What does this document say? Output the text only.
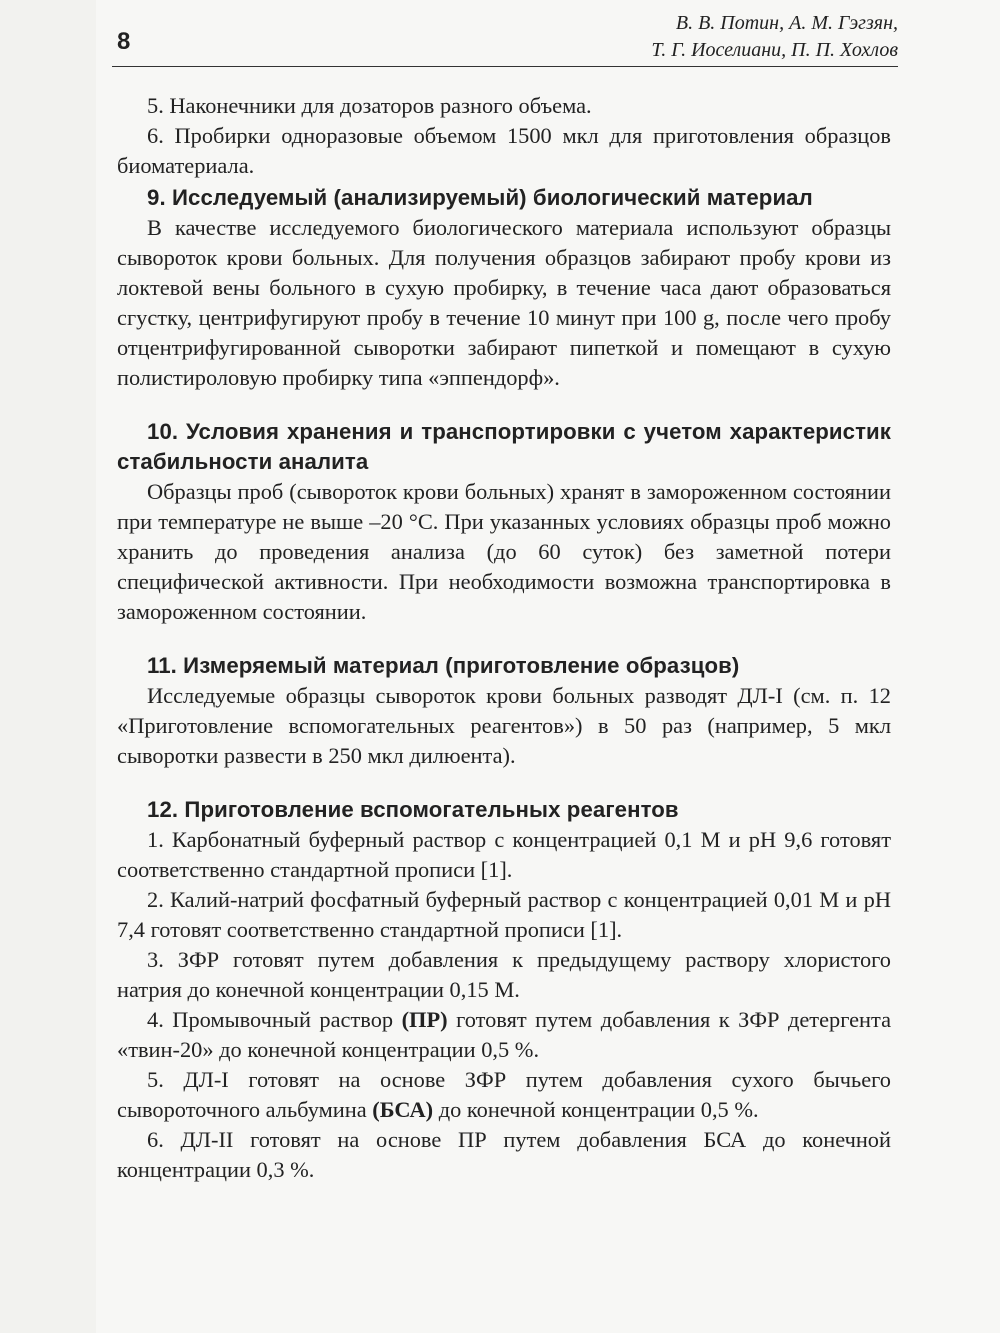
8
В. В. Потин, А. М. Гэгзян,
Т. Г. Иоселиани, П. П. Хохлов

5. Наконечники для дозаторов разного объема.

6. Пробирки одноразовые объемом 1500 мкл для приготовления образцов биоматериала.

9. Исследуемый (анализируемый) биологический материал

В качестве исследуемого биологического материала используют образцы сывороток крови больных. Для получения образцов забирают пробу крови из локтевой вены больного в сухую пробирку, в течение часа дают образоваться сгустку, центрифугируют пробу в течение 10 минут при 100 g, после чего пробу отцентрифугированной сыворотки забирают пипеткой и помещают в сухую полистироловую пробирку типа «эппендорф».

10. Условия хранения и транспортировки с учетом характеристик стабильности аналита

Образцы проб (сывороток крови больных) хранят в замороженном состоянии при температуре не выше –20 °С. При указанных условиях образцы проб можно хранить до проведения анализа (до 60 суток) без заметной потери специфической активности. При необходимости возможна транспортировка в замороженном состоянии.

11. Измеряемый материал (приготовление образцов)

Исследуемые образцы сывороток крови больных разводят ДЛ-I (см. п. 12 «Приготовление вспомогательных реагентов») в 50 раз (например, 5 мкл сыворотки развести в 250 мкл дилюента).

12. Приготовление вспомогательных реагентов

1. Карбонатный буферный раствор с концентрацией 0,1 М и pH 9,6 готовят соответственно стандартной прописи [1].

2. Калий-натрий фосфатный буферный раствор с концентрацией 0,01 М и pH 7,4 готовят соответственно стандартной прописи [1].

3. ЗФР готовят путем добавления к предыдущему раствору хлористого натрия до конечной концентрации 0,15 М.

4. Промывочный раствор (ПР) готовят путем добавления к ЗФР детергента «твин-20» до конечной концентрации 0,5 %.

5. ДЛ-I готовят на основе ЗФР путем добавления сухого бычьего сывороточного альбумина (БСА) до конечной концентрации 0,5 %.

6. ДЛ-II готовят на основе ПР путем добавления БСА до конечной концентрации 0,3 %.
